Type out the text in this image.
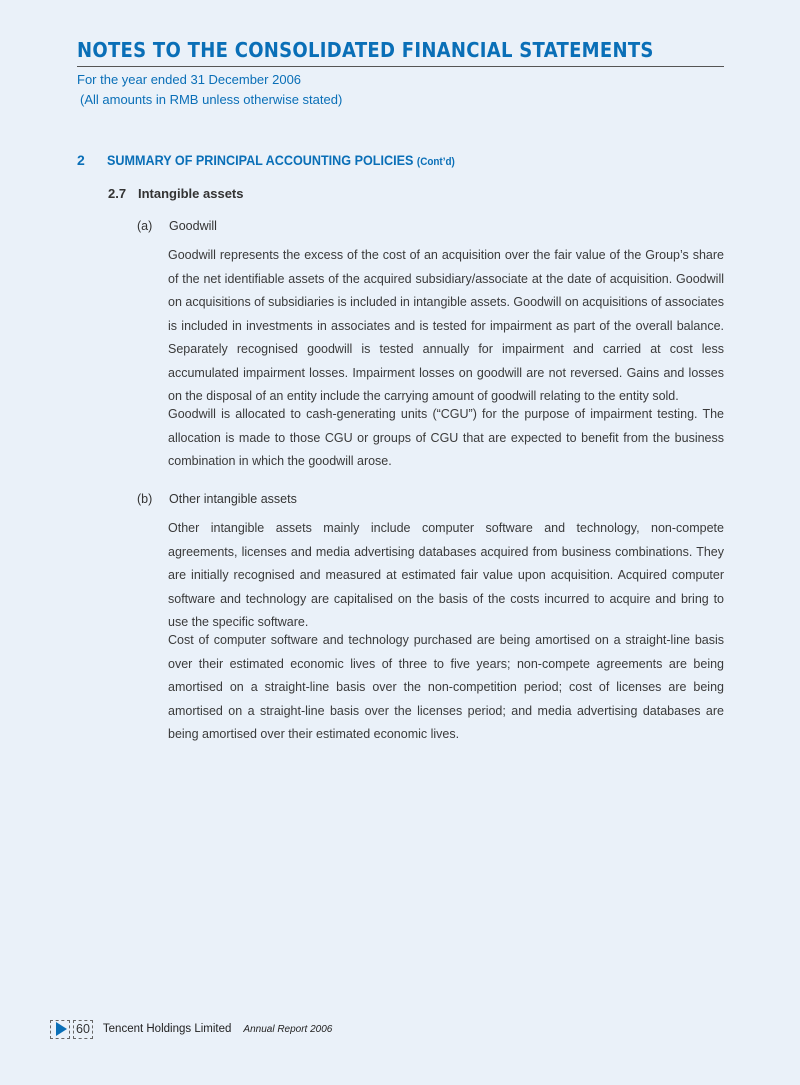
NOTES TO THE CONSOLIDATED FINANCIAL STATEMENTS
For the year ended 31 December 2006
(All amounts in RMB unless otherwise stated)
2 SUMMARY OF PRINCIPAL ACCOUNTING POLICIES (Cont’d)
2.7 Intangible assets
(a) Goodwill

Goodwill represents the excess of the cost of an acquisition over the fair value of the Group’s share of the net identifiable assets of the acquired subsidiary/associate at the date of acquisition. Goodwill on acquisitions of subsidiaries is included in intangible assets. Goodwill on acquisitions of associates is included in investments in associates and is tested for impairment as part of the overall balance. Separately recognised goodwill is tested annually for impairment and carried at cost less accumulated impairment losses. Impairment losses on goodwill are not reversed. Gains and losses on the disposal of an entity include the carrying amount of goodwill relating to the entity sold.

Goodwill is allocated to cash-generating units (“CGU”) for the purpose of impairment testing. The allocation is made to those CGU or groups of CGU that are expected to benefit from the business combination in which the goodwill arose.

(b) Other intangible assets

Other intangible assets mainly include computer software and technology, non-compete agreements, licenses and media advertising databases acquired from business combinations. They are initially recognised and measured at estimated fair value upon acquisition. Acquired computer software and technology are capitalised on the basis of the costs incurred to acquire and bring to use the specific software.

Cost of computer software and technology purchased are being amortised on a straight-line basis over their estimated economic lives of three to five years; non-compete agreements are being amortised on a straight-line basis over the non-competition period; cost of licenses are being amortised on a straight-line basis over the licenses period; and media advertising databases are being amortised over their estimated economic lives.

60 Tencent Holdings Limited Annual Report 2006
